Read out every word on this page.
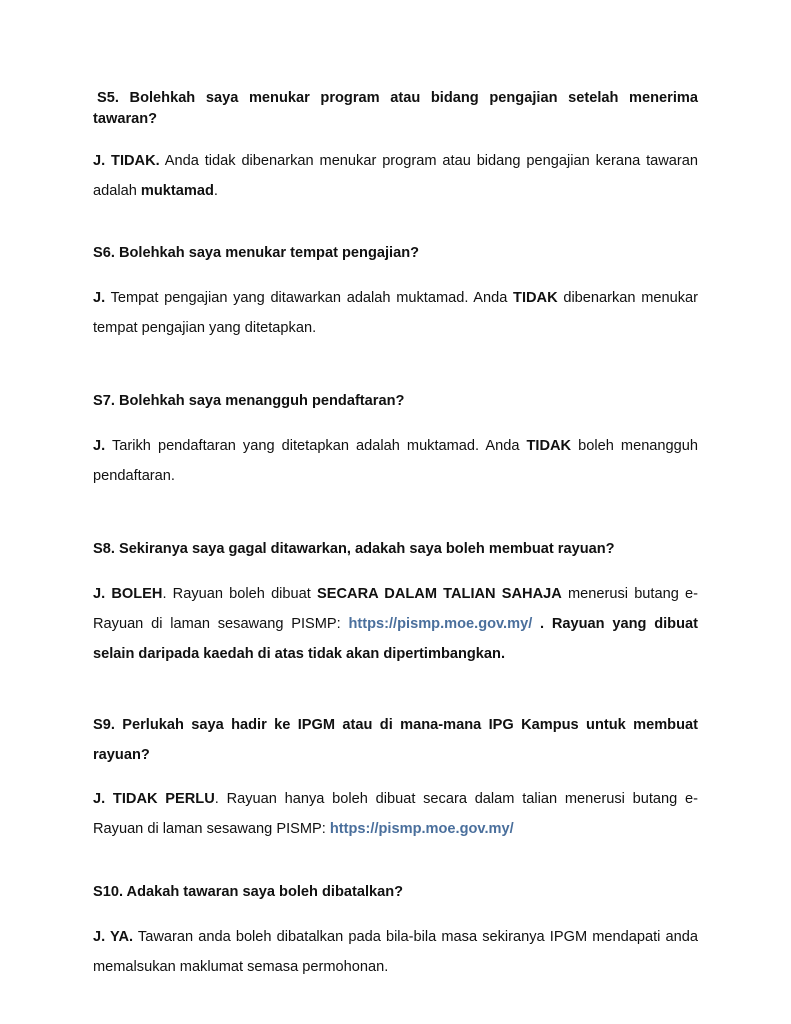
S5. Bolehkah saya menukar program atau bidang pengajian setelah menerima tawaran?

J. TIDAK. Anda tidak dibenarkan menukar program atau bidang pengajian kerana tawaran adalah muktamad.

S6. Bolehkah saya menukar tempat pengajian?

J. Tempat pengajian yang ditawarkan adalah muktamad. Anda TIDAK dibenarkan menukar tempat pengajian yang ditetapkan.

S7. Bolehkah saya menangguh pendaftaran?

J. Tarikh pendaftaran yang ditetapkan adalah muktamad. Anda TIDAK boleh menangguh pendaftaran.

S8. Sekiranya saya gagal ditawarkan, adakah saya boleh membuat rayuan?

J. BOLEH. Rayuan boleh dibuat SECARA DALAM TALIAN SAHAJA menerusi butang e-Rayuan di laman sesawang PISMP: https://pismp.moe.gov.my/ . Rayuan yang dibuat selain daripada kaedah di atas tidak akan dipertimbangkan.

S9. Perlukah saya hadir ke IPGM atau di mana-mana IPG Kampus untuk membuat rayuan?

J. TIDAK PERLU. Rayuan hanya boleh dibuat secara dalam talian menerusi butang e-Rayuan di laman sesawang PISMP: https://pismp.moe.gov.my/

S10. Adakah tawaran saya boleh dibatalkan?

J. YA. Tawaran anda boleh dibatalkan pada bila-bila masa sekiranya IPGM mendapati anda memalsukan maklumat semasa permohonan.
